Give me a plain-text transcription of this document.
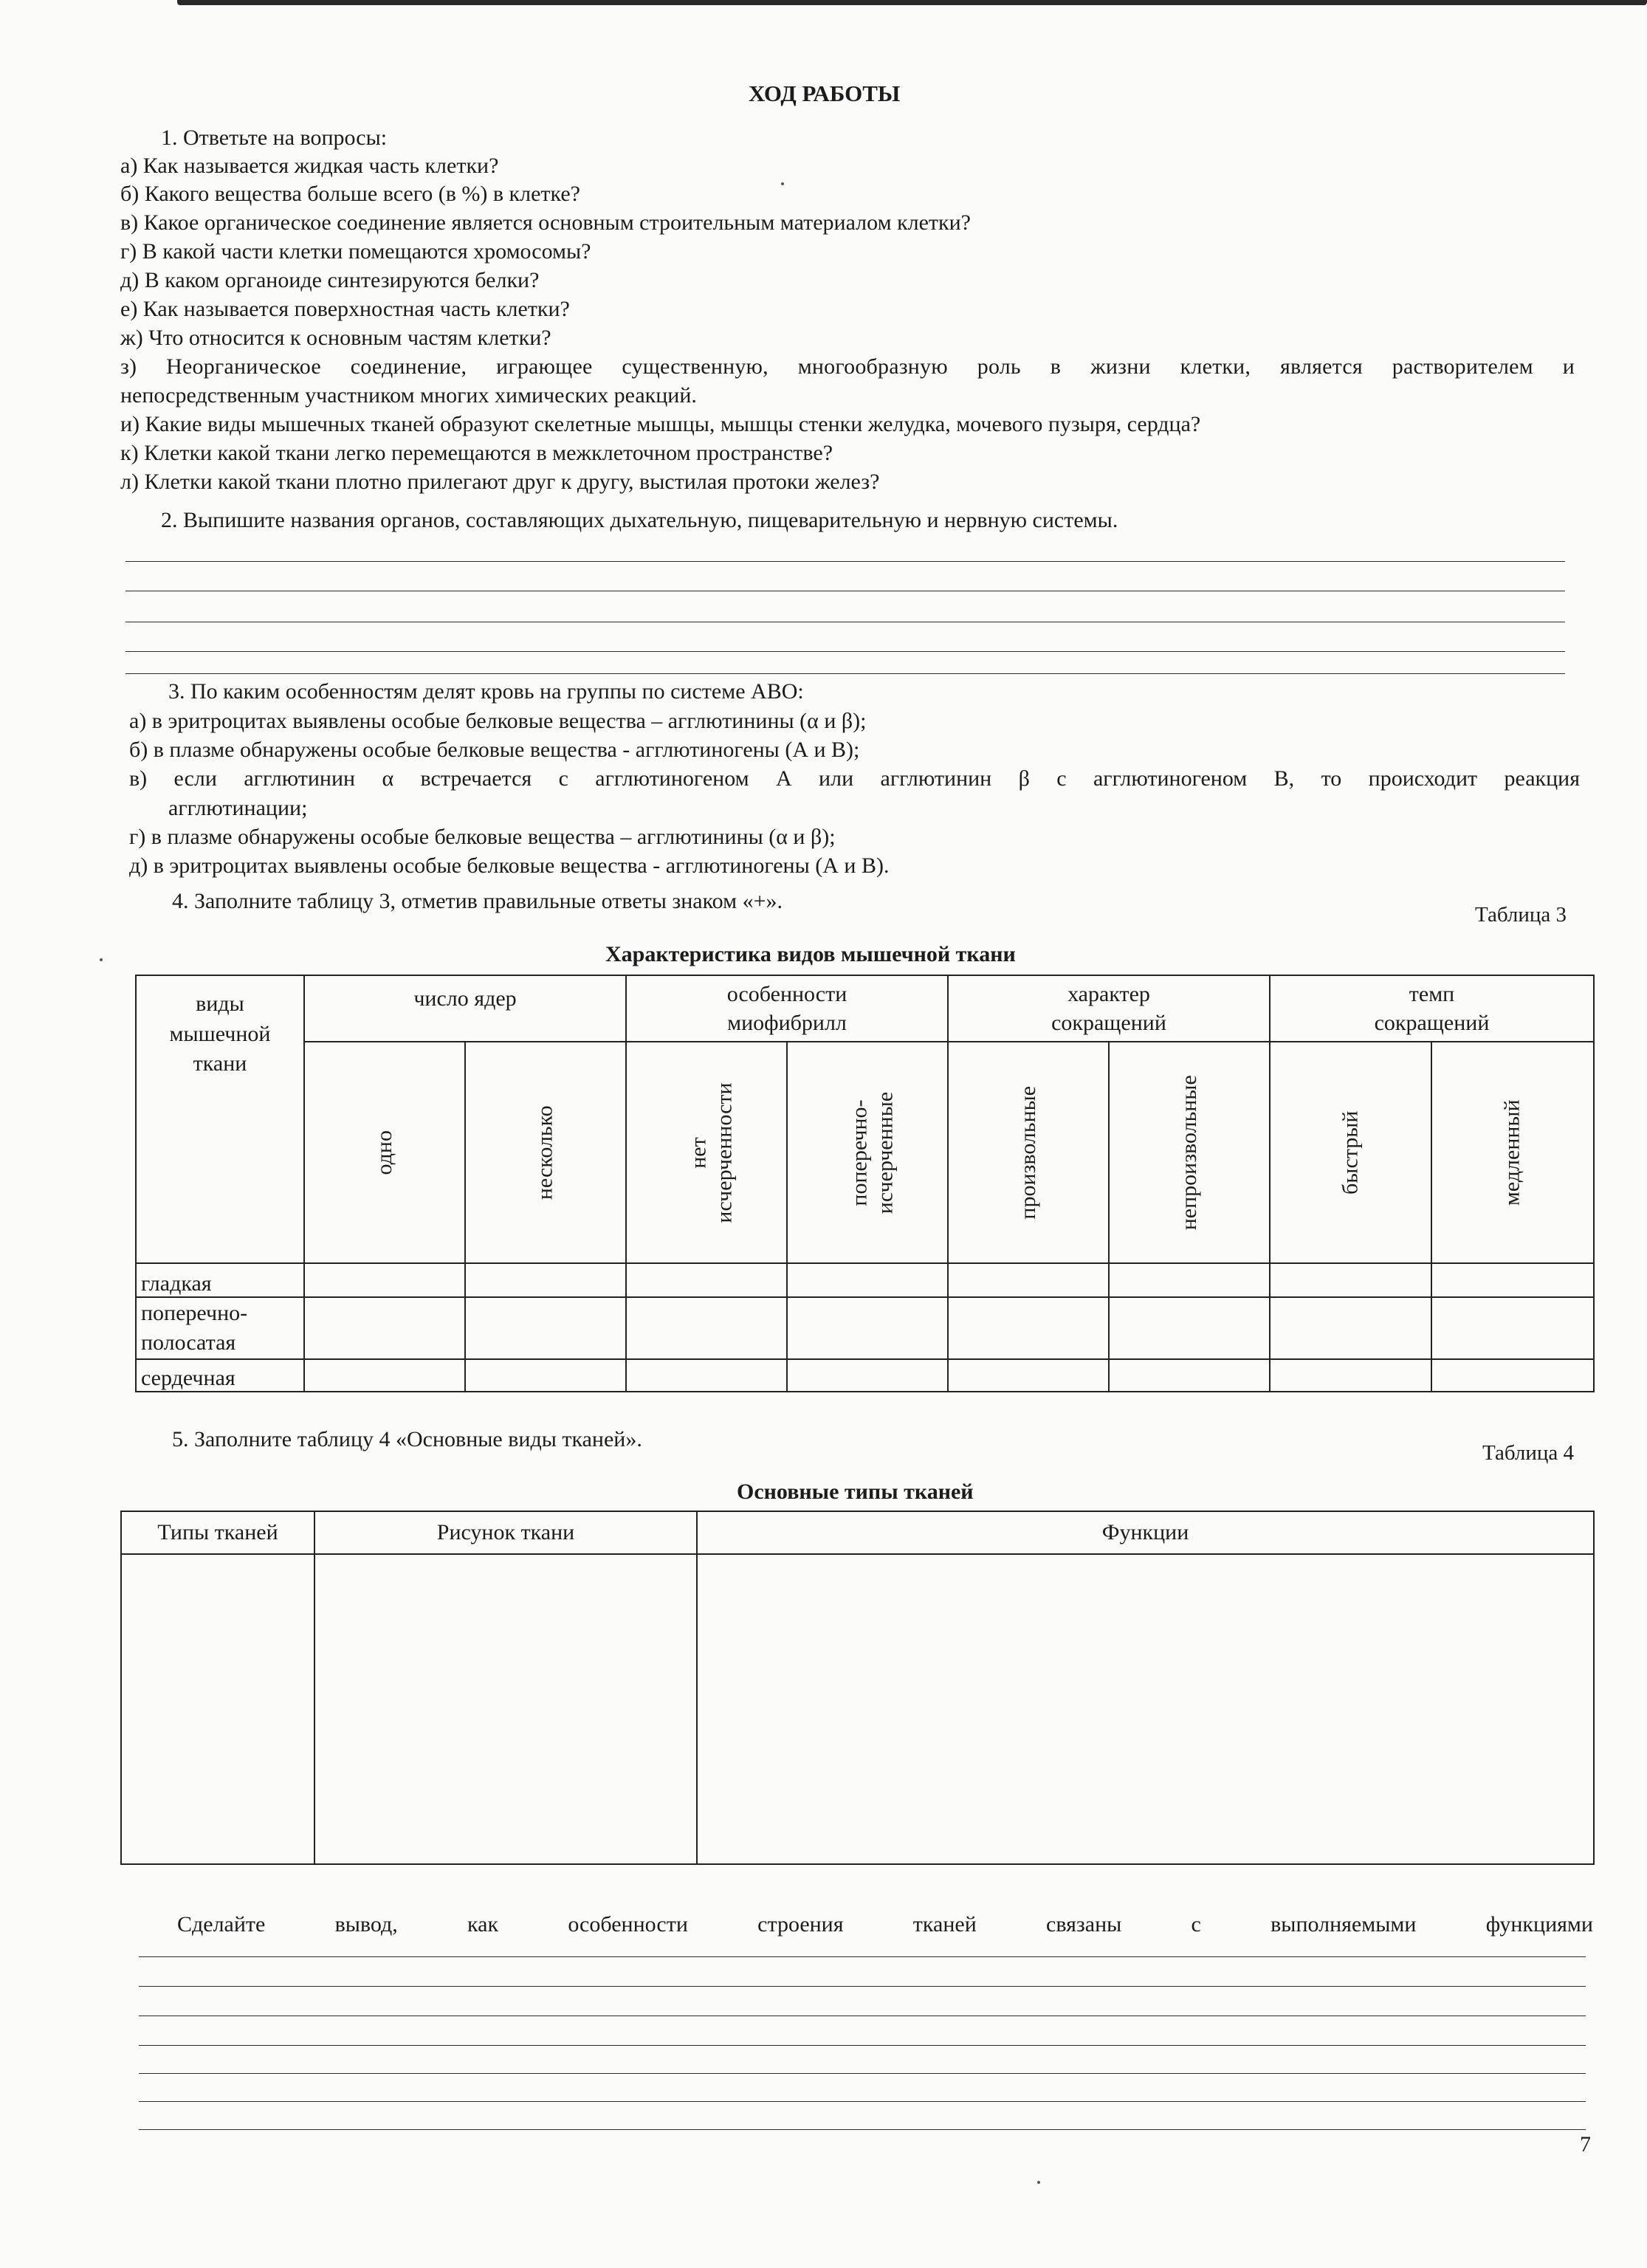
ХОД РАБОТЫ
1. Ответьте на вопросы:
а) Как называется жидкая часть клетки?
б) Какого вещества больше всего (в %) в клетке?
в) Какое органическое соединение является основным строительным материалом клетки?
г) В какой части клетки помещаются хромосомы?
д) В каком органоиде синтезируются белки?
е) Как называется поверхностная часть клетки?
ж) Что относится к основным частям клетки?
з) Неорганическое соединение, играющее существенную, многообразную роль в жизни клетки, является растворителем и
непосредственным участником многих химических реакций.
и) Какие виды мышечных тканей образуют скелетные мышцы, мышцы стенки желудка, мочевого пузыря, сердца?
к) Клетки какой ткани легко перемещаются в межклеточном пространстве?
л) Клетки какой ткани плотно прилегают друг к другу, выстилая протоки желез?
2. Выпишите названия органов, составляющих дыхательную, пищеварительную и нервную системы.
3. По каким особенностям делят кровь на группы по системе АВО:
а) в эритроцитах выявлены особые белковые вещества – агглютинины (α и β);
б) в плазме обнаружены особые белковые вещества - агглютиногены (А и В);
в) если агглютинин α встречается с агглютиногеном А или агглютинин β с агглютиногеном В, то происходит реакция
агглютинации;
г) в плазме обнаружены особые белковые вещества – агглютинины (α и β);
д) в эритроцитах выявлены особые белковые вещества - агглютиногены (А и В).
4. Заполните таблицу 3, отметив правильные ответы знаком «+».
Таблица 3
Характеристика видов мышечной ткани
виды мышечной ткани	число ядер		особенности миофибрилл		характер сокращений		темп сокращений	

	одно	несколько	нет исчерченности	поперечно-исчерченные	произвольные	непроизвольные	быстрый	медленный
гладкая								

поперечно-полосатая								

сердечная								
5. Заполните таблицу 4 «Основные виды тканей».
Таблица 4
Основные типы тканей
Типы тканей	Рисунок ткани	Функции

Сделайте	вывод,	как	особенности	строения	тканей	связаны	с	выполняемыми	функциями
7
